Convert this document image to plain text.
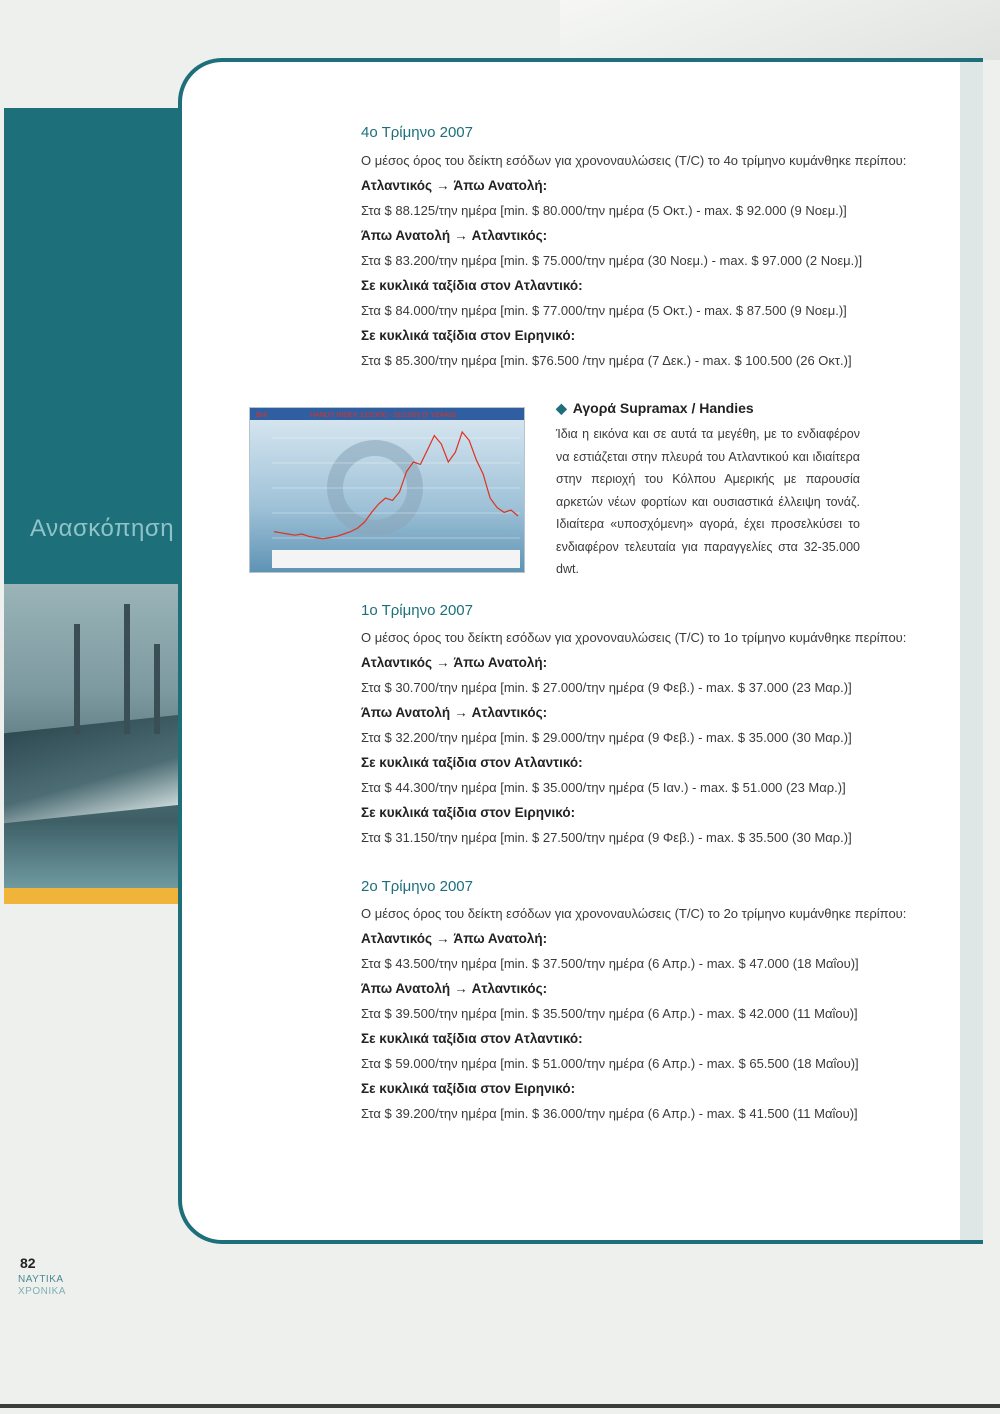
Ανασκόπηση
4ο Τρίμηνο 2007
Ο μέσος όρος του δείκτη εσόδων για χρονοναυλώσεις (T/C) το 4ο τρίμηνο κυμάνθηκε περίπου:
Ατλαντικός → Άπω Ανατολή:
Στα $ 88.125/την ημέρα [min. $ 80.000/την ημέρα (5 Οκτ.) - max. $ 92.000 (9 Νοεμ.)]
Άπω Ανατολή → Ατλαντικός:
Στα $ 83.200/την ημέρα [min. $ 75.000/την ημέρα (30 Νοεμ.) - max. $ 97.000 (2 Νοεμ.)]
Σε κυκλικά ταξίδια στον Ατλαντικό:
Στα $ 84.000/την ημέρα [min. $ 77.000/την ημέρα (5 Οκτ.) - max. $ 87.500 (9 Νοεμ.)]
Σε κυκλικά ταξίδια στον Ειρηνικό:
Στα $ 85.300/την ημέρα [min. $76.500 /την ημέρα (7 Δεκ.) - max. $ 100.500 (26 Οκτ.)]
BHI	HANDY INDEX 23/10/00 - 31/12/05 (5 YEARS)	◆ Αγορά Supramax / Handies
Ίδια η εικόνα και σε αυτά τα μεγέθη, με το ενδιαφέρον να εστιάζεται στην πλευρά του Ατλαντικού και ιδιαίτερα στην περιοχή του Κόλπου Αμερικής με παρουσία αρκετών νέων φορτίων και ουσιαστικά έλλειψη τονάζ. Ιδιαίτερα «υποσχόμενη» αγορά, έχει προσελκύσει το ενδιαφέρον τελευταία για παραγγελίες στα 32-35.000 dwt.
1ο Τρίμηνο 2007
Ο μέσος όρος του δείκτη εσόδων για χρονοναυλώσεις (T/C) το 1ο τρίμηνο κυμάνθηκε περίπου:
Ατλαντικός → Άπω Ανατολή:
Στα $ 30.700/την ημέρα [min. $ 27.000/την ημέρα (9 Φεβ.) - max. $ 37.000 (23 Μαρ.)]
Άπω Ανατολή → Ατλαντικός:
Στα $ 32.200/την ημέρα [min. $ 29.000/την ημέρα (9 Φεβ.) - max. $ 35.000 (30 Μαρ.)]
Σε κυκλικά ταξίδια στον Ατλαντικό:
Στα $ 44.300/την ημέρα [min. $ 35.000/την ημέρα (5 Ιαν.) - max. $ 51.000 (23 Μαρ.)]
Σε κυκλικά ταξίδια στον Ειρηνικό:
Στα $ 31.150/την ημέρα [min. $ 27.500/την ημέρα (9 Φεβ.) - max. $ 35.500 (30 Μαρ.)]
2ο Τρίμηνο 2007
Ο μέσος όρος του δείκτη εσόδων για χρονοναυλώσεις (T/C) το 2ο τρίμηνο κυμάνθηκε περίπου:
Ατλαντικός → Άπω Ανατολή:
Στα $ 43.500/την ημέρα [min. $ 37.500/την ημέρα (6 Απρ.) - max. $ 47.000 (18 Μαΐου)]
Άπω Ανατολή → Ατλαντικός:
Στα $ 39.500/την ημέρα [min. $ 35.500/την ημέρα (6 Απρ.) - max. $ 42.000 (11 Μαΐου)]
Σε κυκλικά ταξίδια στον Ατλαντικό:
Στα $ 59.000/την ημέρα [min. $ 51.000/την ημέρα (6 Απρ.) - max. $ 65.500 (18 Μαΐου)]
Σε κυκλικά ταξίδια στον Ειρηνικό:
Στα $ 39.200/την ημέρα [min. $ 36.000/την ημέρα (6 Απρ.) - max. $ 41.500 (11 Μαΐου)]
82
ΝΑΥΤΙΚΑ
ΧΡΟΝΙΚΑ
